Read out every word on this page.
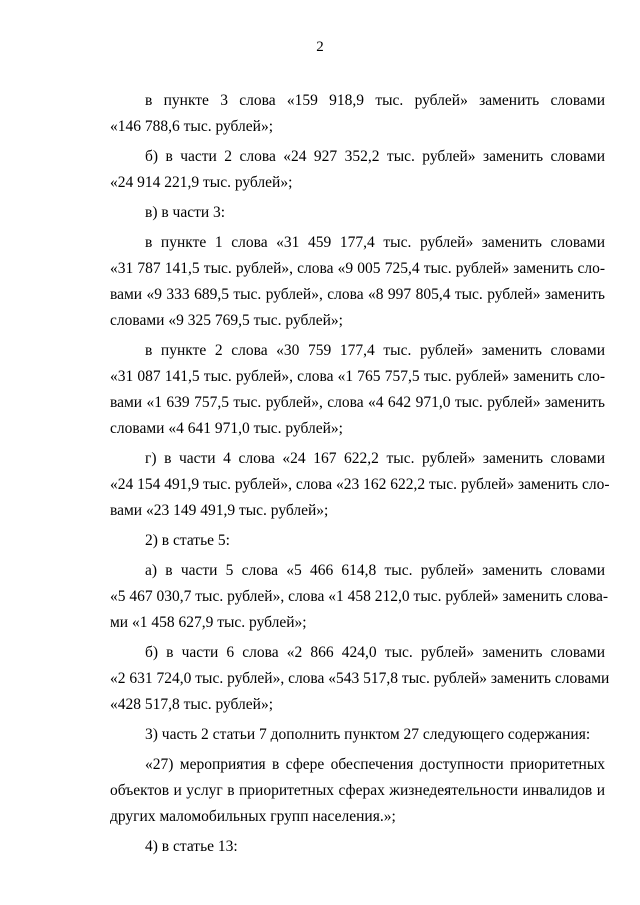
2
в пункте 3 слова «159 918,9 тыс. рублей» заменить словами
«146 788,6 тыс. рублей»;
б) в части 2 слова «24 927 352,2 тыс. рублей» заменить словами
«24 914 221,9 тыс. рублей»;
в) в части 3:
в пункте 1 слова «31 459 177,4 тыс. рублей» заменить словами
«31 787 141,5 тыс. рублей», слова «9 005 725,4 тыс. рублей» заменить сло-
вами «9 333 689,5 тыс. рублей», слова «8 997 805,4 тыс. рублей» заменить
словами «9 325 769,5 тыс. рублей»;
в пункте 2 слова «30 759 177,4 тыс. рублей» заменить словами
«31 087 141,5 тыс. рублей», слова «1 765 757,5 тыс. рублей» заменить сло-
вами «1 639 757,5 тыс. рублей», слова «4 642 971,0 тыс. рублей» заменить
словами «4 641 971,0 тыс. рублей»;
г) в части 4 слова «24 167 622,2 тыс. рублей» заменить словами
«24 154 491,9 тыс. рублей», слова «23 162 622,2 тыс. рублей» заменить сло-
вами «23 149 491,9 тыс. рублей»;
2) в статье 5:
а) в части 5 слова «5 466 614,8 тыс. рублей» заменить словами
«5 467 030,7 тыс. рублей», слова «1 458 212,0 тыс. рублей» заменить слова-
ми «1 458 627,9 тыс. рублей»;
б) в части 6 слова «2 866 424,0 тыс. рублей» заменить словами
«2 631 724,0 тыс. рублей», слова «543 517,8 тыс. рублей» заменить словами
«428 517,8 тыс. рублей»;
3) часть 2 статьи 7 дополнить пунктом 27 следующего содержания:
«27) мероприятия в сфере обеспечения доступности приоритетных
объектов и услуг в приоритетных сферах жизнедеятельности инвалидов и
других маломобильных групп населения.»;
4) в статье 13:
